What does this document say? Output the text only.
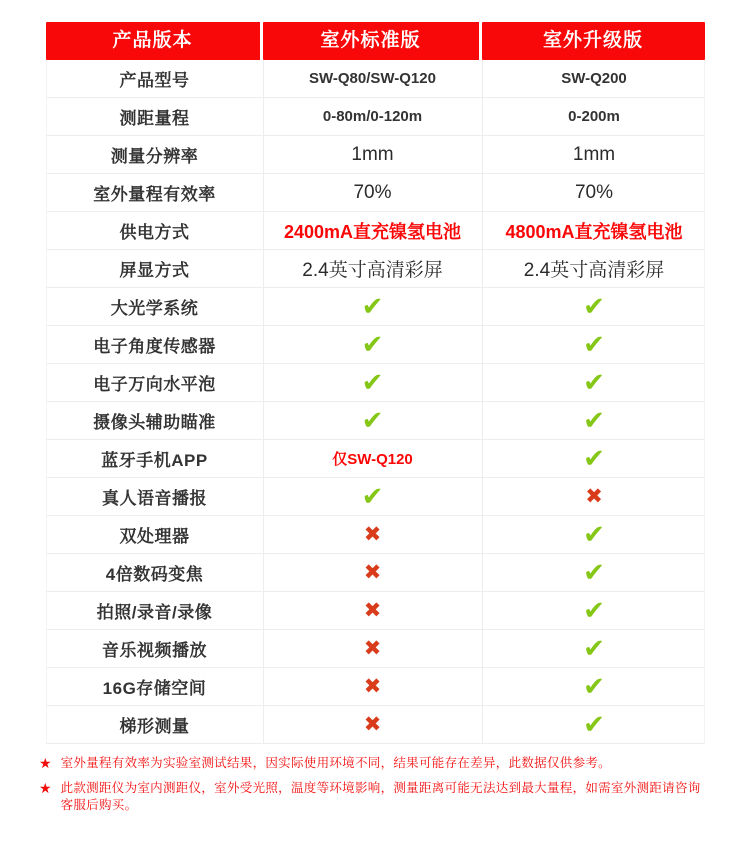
产品版本	室外标准版	室外升级版
产品型号	SW-Q80/SW-Q120	SW-Q200
测距量程	0-80m/0-120m	0-200m
测量分辨率	1mm	1mm
室外量程有效率	70%	70%
供电方式	2400mA直充镍氢电池	4800mA直充镍氢电池
屏显方式	2.4英寸高清彩屏	2.4英寸高清彩屏
大光学系统	✔	✔
电子角度传感器	✔	✔
电子万向水平泡	✔	✔
摄像头辅助瞄准	✔	✔
蓝牙手机APP	仅SW-Q120	✔
真人语音播报	✔	✖
双处理器	✖	✔
4倍数码变焦	✖	✔
拍照/录音/录像	✖	✔
音乐视频播放	✖	✔
16G存储空间	✖	✔
梯形测量	✖	✔
★ 室外量程有效率为实验室测试结果，因实际使用环境不同，结果可能存在差异，此数据仅供参考。
★ 此款测距仪为室内测距仪，室外受光照，温度等环境影响，测量距离可能无法达到最大量程，如需室外测距请咨询客服后购买。
